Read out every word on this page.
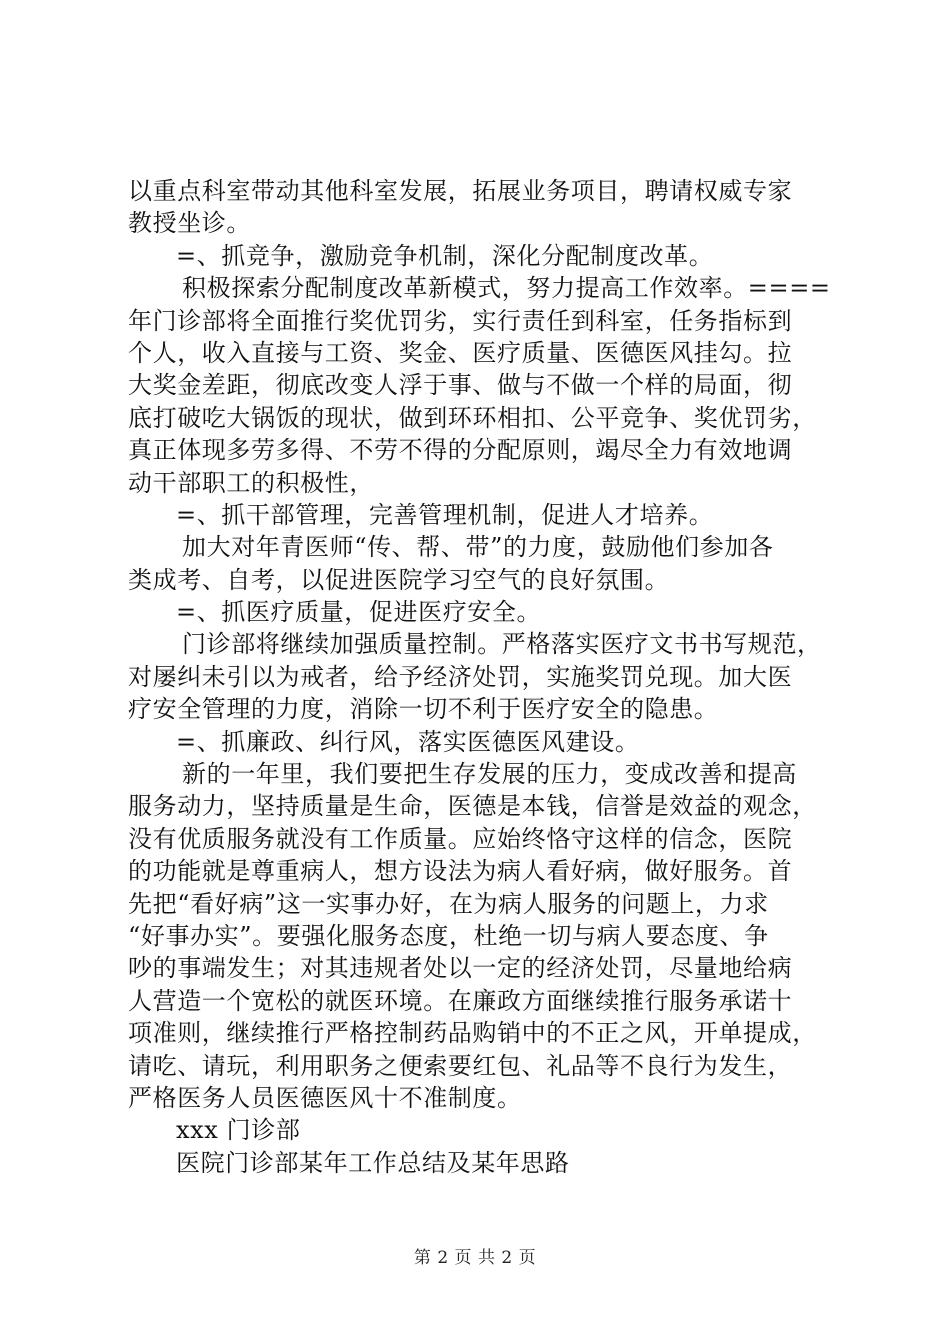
以重点科室带动其他科室发展，拓展业务项目，聘请权威专家
教授坐诊。
=、抓竞争，激励竞争机制，深化分配制度改革。
积极探索分配制度改革新模式，努力提高工作效率。====
年门诊部将全面推行奖优罚劣，实行责任到科室，任务指标到
个人，收入直接与工资、奖金、医疗质量、医德医风挂勾。拉
大奖金差距，彻底改变人浮于事、做与不做一个样的局面，彻
底打破吃大锅饭的现状，做到环环相扣、公平竞争、奖优罚劣，
真正体现多劳多得、不劳不得的分配原则，竭尽全力有效地调
动干部职工的积极性，
=、抓干部管理，完善管理机制，促进人才培养。
加大对年青医师“传、帮、带”的力度，鼓励他们参加各
类成考、自考，以促进医院学习空气的良好氛围。
=、抓医疗质量，促进医疗安全。
门诊部将继续加强质量控制。严格落实医疗文书书写规范，
对屡纠未引以为戒者，给予经济处罚，实施奖罚兑现。加大医
疗安全管理的力度，消除一切不利于医疗安全的隐患。
=、抓廉政、纠行风，落实医德医风建设。
新的一年里，我们要把生存发展的压力，变成改善和提高
服务动力，坚持质量是生命，医德是本钱，信誉是效益的观念，
没有优质服务就没有工作质量。应始终恪守这样的信念，医院
的功能就是尊重病人，想方设法为病人看好病，做好服务。首
先把“看好病”这一实事办好，在为病人服务的问题上，力求
“好事办实”。要强化服务态度，杜绝一切与病人要态度、争
吵的事端发生；对其违规者处以一定的经济处罚，尽量地给病
人营造一个宽松的就医环境。在廉政方面继续推行服务承诺十
项准则，继续推行严格控制药品购销中的不正之风，开单提成，
请吃、请玩，利用职务之便索要红包、礼品等不良行为发生，
严格医务人员医德医风十不准制度。
xxx 门诊部
医院门诊部某年工作总结及某年思路
第 2 页 共 2 页
